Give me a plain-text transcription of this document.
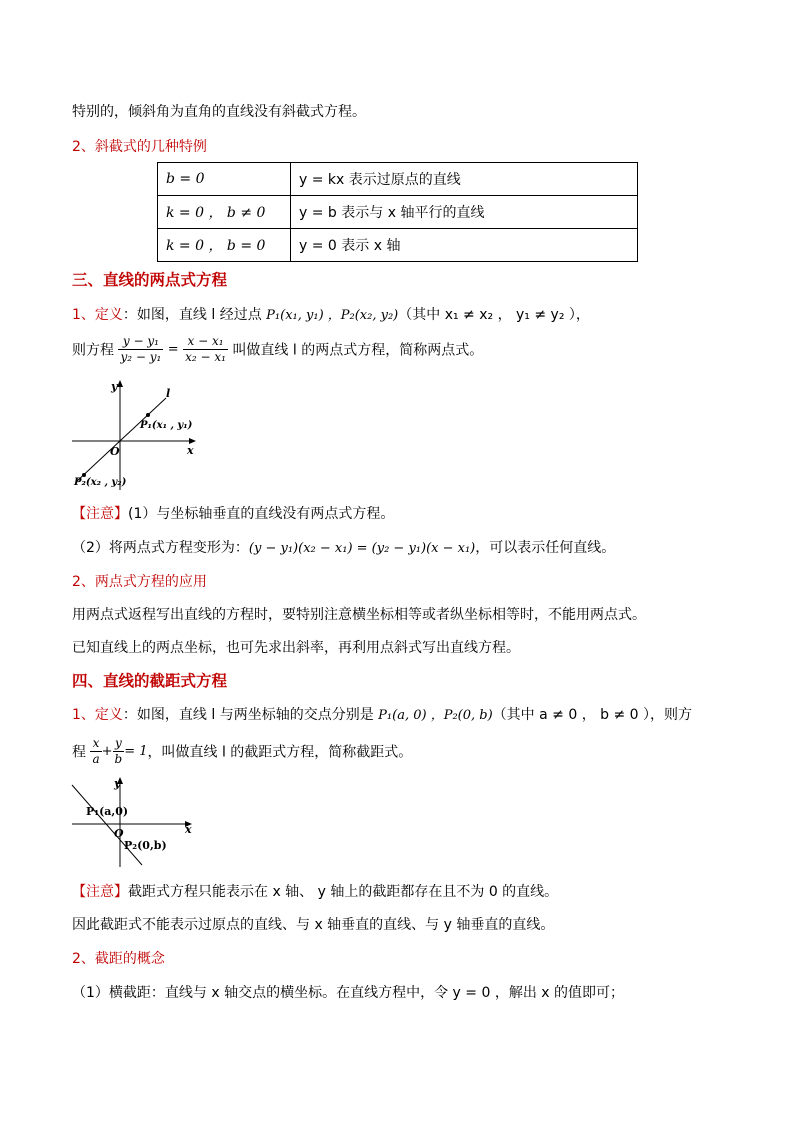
特别的，倾斜角为直角的直线没有斜截式方程。
2、斜截式的几种特例
b = 0	y = kx 表示过原点的直线
k = 0 ， b ≠ 0	y = b 表示与 x 轴平行的直线
k = 0 ， b = 0	y = 0 表示 x 轴
三、直线的两点式方程
1、定义：如图，直线 l 经过点 P₁(x₁, y₁) ，P₂(x₂, y₂)（其中 x₁ ≠ x₂ ， y₁ ≠ y₂ ），
则方程 $\frac{\text{y − y₁}}{\text{y₂ − y₁}} = \frac{\text{x − x₁}}{\text{x₂ − x₁}}$ 叫做直线 l 的两点式方程，简称两点式。
y
x
O
l
P₁(x₁ , y₁)
P₂(x₂ , y₂)
【注意】(1）与坐标轴垂直的直线没有两点式方程。
（2）将两点式方程变形为：(y − y₁)(x₂ − x₁) = (y₂ − y₁)(x − x₁)，可以表示任何直线。
2、两点式方程的应用
用两点式返程写出直线的方程时，要特别注意横坐标相等或者纵坐标相等时，不能用两点式。
已知直线上的两点坐标，也可先求出斜率，再利用点斜式写出直线方程。
四、直线的截距式方程
1、定义：如图，直线 l 与两坐标轴的交点分别是 P₁(a, 0) ，P₂(0, b)（其中 a ≠ 0 ， b ≠ 0 ），则方
程 $\frac{x}{a} + \frac{y}{b} = 1$，叫做直线 l 的截距式方程，简称截距式。
y
x
O
P₁(a,0)
P₂(0,b)
【注意】截距式方程只能表示在 x 轴、 y 轴上的截距都存在且不为 0 的直线。
因此截距式不能表示过原点的直线、与 x 轴垂直的直线、与 y 轴垂直的直线。
2、截距的概念
（1）横截距：直线与 x 轴交点的横坐标。在直线方程中，令 y = 0 ，解出 x 的值即可；
